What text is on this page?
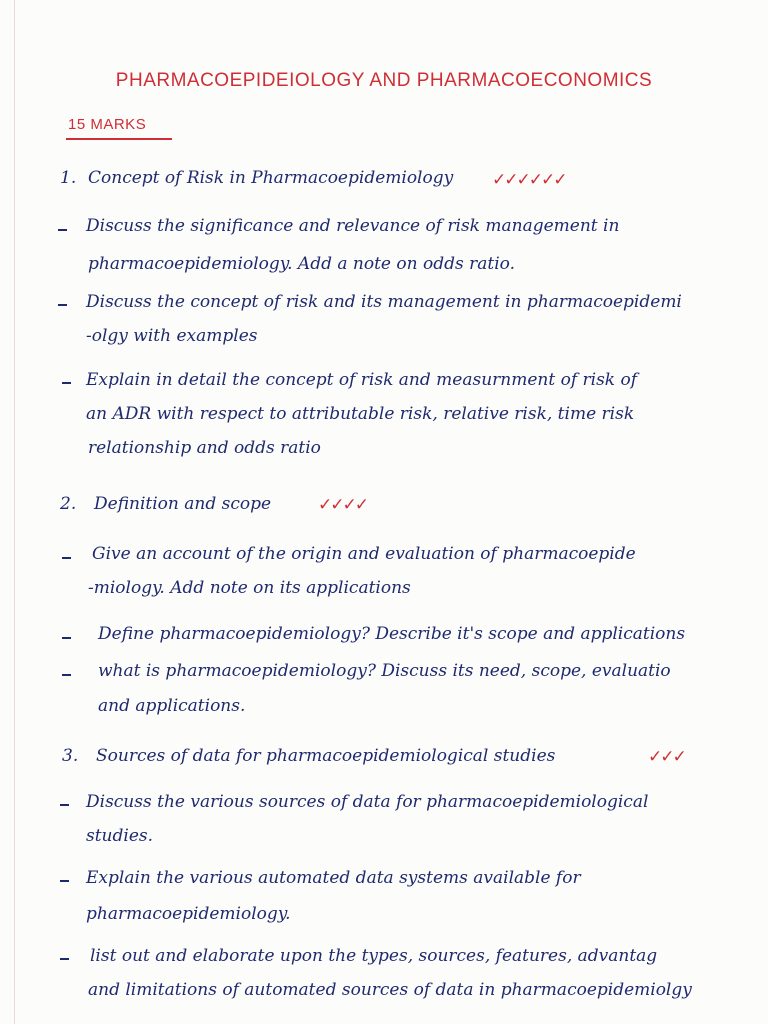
PHARMACOEPIDEIOLOGY AND PHARMACOECONOMICS
15 MARKS
1. Concept of Risk in Pharmacoepidemiology ✓✓✓✓✓✓
Discuss the significance and relevance of risk management in
pharmacoepidemiology. Add a note on odds ratio.
Discuss the concept of risk and its management in pharmacoepidemi
-olgy with examples
Explain in detail the concept of risk and measurnment of risk of
an ADR with respect to attributable risk, relative risk, time risk
relationship and odds ratio
2. Definition and scope	✓✓✓✓
Give an account of the origin and evaluation of pharmacoepide
-miology. Add note on its applications
Define pharmacoepidemiology? Describe it's scope and applications
what is pharmacoepidemiology? Discuss its need, scope, evaluatio
and applications.
3. Sources of data for pharmacoepidemiological studies	✓✓✓
Discuss the various sources of data for pharmacoepidemiological
studies.
Explain the various automated data systems available for
pharmacoepidemiology.
list out and elaborate upon the types, sources, features, advantag
and limitations of automated sources of data in pharmacoepidemiolgy
